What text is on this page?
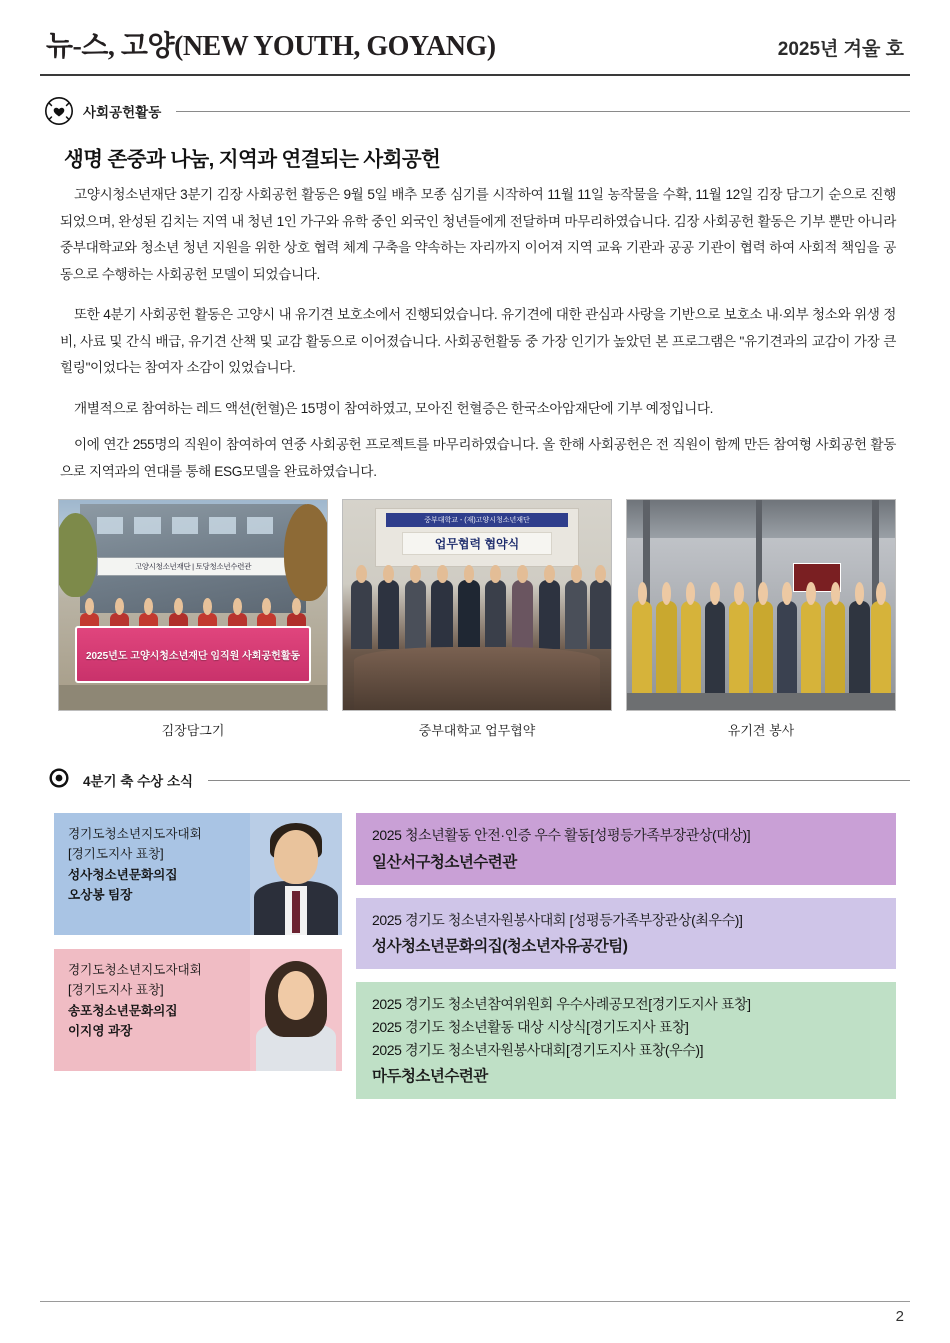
뉴-스, 고양(NEW YOUTH, GOYANG)	2025년 겨울 호
사회공헌활동
생명 존중과 나눔, 지역과 연결되는 사회공헌

고양시청소년재단 3분기 김장 사회공헌 활동은 9월 5일 배추 모종 심기를 시작하여 11월 11일 농작물을 수확, 11월 12일 김장 담그기 순으로 진행되었으며, 완성된 김치는 지역 내 청년 1인 가구와 유학 중인 외국인 청년들에게 전달하며 마무리하였습니다. 김장 사회공헌 활동은 기부 뿐만 아니라 중부대학교와 청소년 청년 지원을 위한 상호 협력 체계 구축을 약속하는 자리까지 이어져 지역 교육 기관과 공공 기관이 협력 하여 사회적 책임을 공동으로 수행하는 사회공헌 모델이 되었습니다.

또한 4분기 사회공헌 활동은 고양시 내 유기견 보호소에서 진행되었습니다. 유기견에 대한 관심과 사랑을 기반으로 보호소 내·외부 청소와 위생 정비, 사료 및 간식 배급, 유기견 산책 및 교감 활동으로 이어졌습니다. 사회공헌활동 중 가장 인기가 높았던 본 프로그램은 "유기견과의 교감이 가장 큰 힐링"이었다는 참여자 소감이 있었습니다.

개별적으로 참여하는 레드 액션(헌혈)은 15명이 참여하였고, 모아진 헌혈증은 한국소아암재단에 기부 예정입니다.

이에 연간 255명의 직원이 참여하여 연중 사회공헌 프로젝트를 마무리하였습니다. 올 한해 사회공헌은 전 직원이 함께 만든 참여형 사회공헌 활동으로 지역과의 연대를 통해 ESG모델을 완료하였습니다.

고양시청소년재단 | 토당청소년수련관
2025년도 고양시청소년재단 임직원 사회공헌활동
김장담그기
중부대학교 - (재)고양시청소년재단
업무협력 협약식
중부대학교 업무협약	유기견 봉사
4분기 축 수상 소식
경기도청소년지도자대회
[경기도지사 표창]
성사청소년문화의집
오상봉 팀장
경기도청소년지도자대회
[경기도지사 표창]
송포청소년문화의집
이지영 과장
2025 청소년활동 안전·인증 우수 활동[성평등가족부장관상(대상)]
일산서구청소년수련관
2025 경기도 청소년자원봉사대회 [성평등가족부장관상(최우수)]
성사청소년문화의집(청소년자유공간팀)
2025 경기도 청소년참여위원회 우수사례공모전[경기도지사 표창]
2025 경기도 청소년활동 대상 시상식[경기도지사 표창]
2025 경기도 청소년자원봉사대회[경기도지사 표창(우수)]
마두청소년수련관
2
